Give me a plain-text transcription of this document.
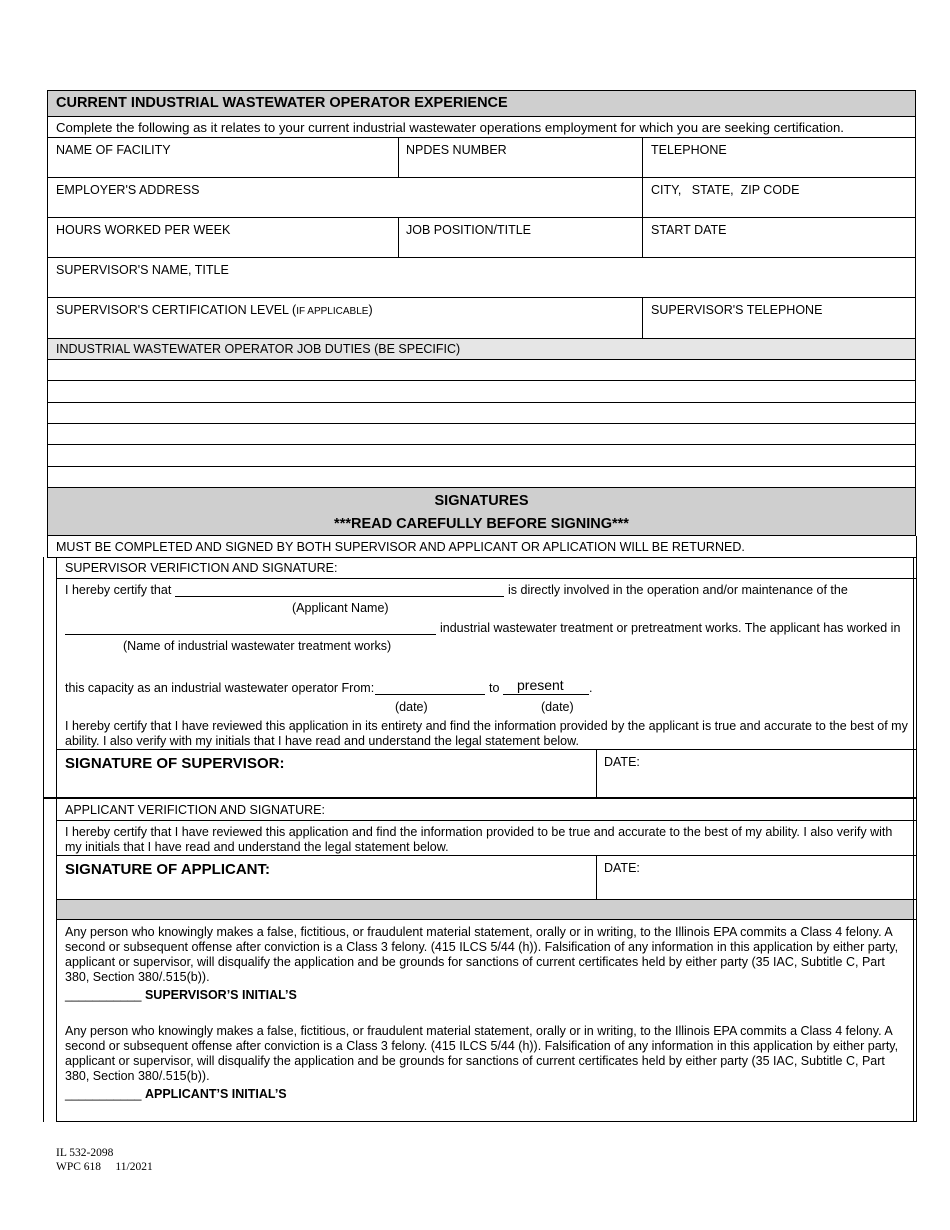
CURRENT INDUSTRIAL WASTEWATER OPERATOR EXPERIENCE
Complete the following as it relates to your current industrial wastewater operations employment for which you are seeking certification.
NAME OF FACILITY	NPDES NUMBER	TELEPHONE
EMPLOYER'S ADDRESS	CITY,   STATE,  ZIP CODE
HOURS WORKED PER WEEK	JOB POSITION/TITLE	START DATE
SUPERVISOR'S NAME, TITLE
SUPERVISOR'S CERTIFICATION LEVEL (IF APPLICABLE)	SUPERVISOR'S TELEPHONE
INDUSTRIAL WASTEWATER OPERATOR JOB DUTIES (BE SPECIFIC)
SIGNATURES
***READ CAREFULLY BEFORE SIGNING***
MUST BE COMPLETED AND SIGNED BY BOTH SUPERVISOR AND APPLICANT OR APLICATION WILL BE RETURNED.
SUPERVISOR VERIFICTION AND SIGNATURE:
I hereby certify that	is directly involved in the operation and/or maintenance of the
(Applicant Name)
industrial wastewater treatment or pretreatment works. The applicant has worked in
(Name of industrial wastewater treatment works)
this capacity as an industrial wastewater operator From:	to present .
(date)	(date)
I hereby certify that I have reviewed this application in its entirety and find the information provided by the applicant is true and accurate to the best of my ability. I also verify with my initials that I have read and understand the legal statement below.
SIGNATURE OF SUPERVISOR:	DATE:
APPLICANT VERIFICTION AND SIGNATURE:
I hereby certify that I have reviewed this application and find the information provided to be true and accurate to the best of my ability. I also verify with my initials that I have read and understand the legal statement below.
SIGNATURE OF APPLICANT:	DATE:
Any person who knowingly makes a false, fictitious, or fraudulent material statement, orally or in writing, to the Illinois EPA commits a Class 4 felony. A second or subsequent offense after conviction is a Class 3 felony. (415 ILCS 5/44 (h)). Falsification of any information in this application by either party, applicant or supervisor, will disqualify the application and be grounds for sanctions of current certificates held by either party (35 IAC, Subtitle C, Part 380, Section 380/.515(b)).
___________ SUPERVISOR’S INITIAL’S
Any person who knowingly makes a false, fictitious, or fraudulent material statement, orally or in writing, to the Illinois EPA commits a Class 4 felony. A second or subsequent offense after conviction is a Class 3 felony. (415 ILCS 5/44 (h)). Falsification of any information in this application by either party, applicant or supervisor, will disqualify the application and be grounds for sanctions of current certificates held by either party (35 IAC, Subtitle C, Part 380, Section 380/.515(b)).
___________ APPLICANT’S INITIAL’S
IL 532-2098
WPC 618     11/2021
